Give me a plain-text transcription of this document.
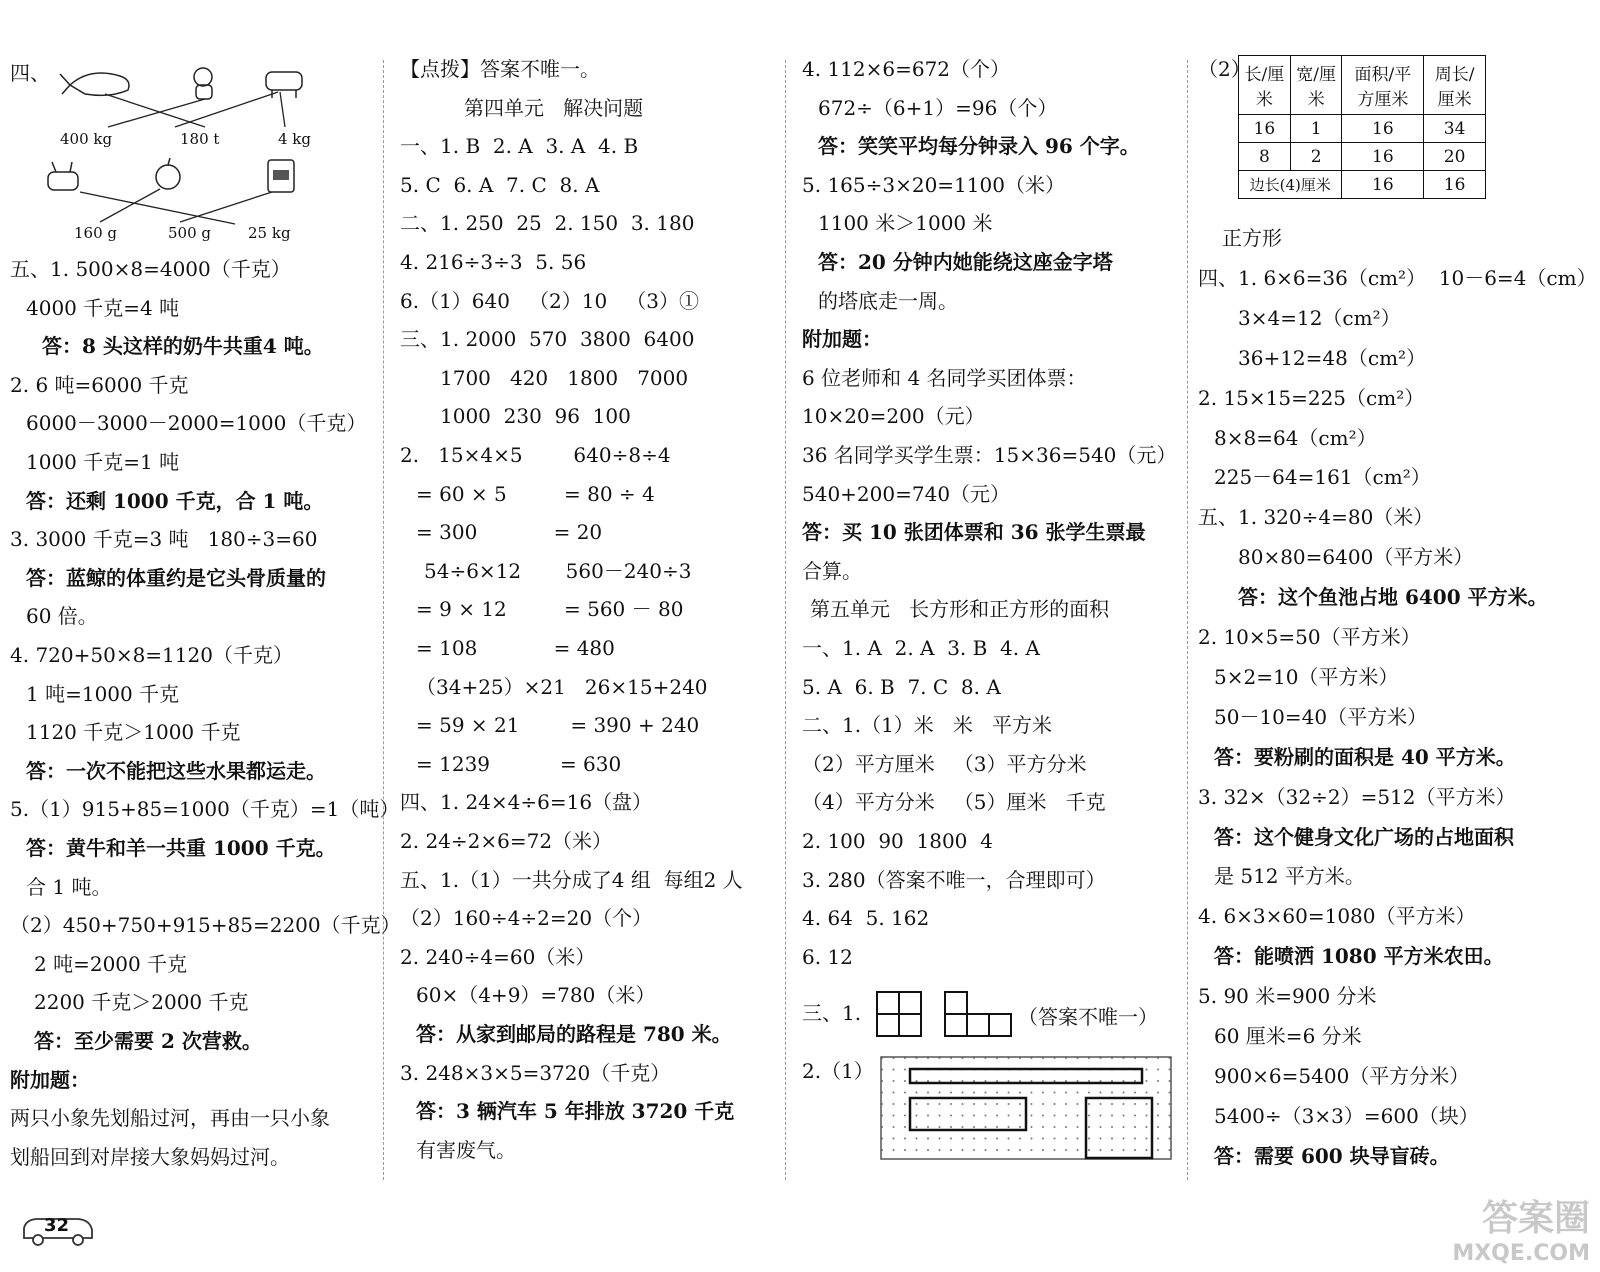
四、
400 kg	180 t	4 kg
160 g	500 g 25 kg
五、1. 500×8=4000（千克）
4000 千克=4 吨
答：8 头这样的奶牛共重4 吨。
2. 6 吨=6000 千克
6000－3000－2000=1000（千克）
1000 千克=1 吨
答：还剩 1000 千克，合 1 吨。
3. 3000 千克=3 吨   180÷3=60
答：蓝鲸的体重约是它头骨质量的
60 倍。
4. 720+50×8=1120（千克）
1 吨=1000 千克
1120 千克＞1000 千克
答：一次不能把这些水果都运走。
5.（1）915+85=1000（千克）=1（吨）
答：黄牛和羊一共重 1000 千克。
合 1 吨。
（2）450+750+915+85=2200（千克）
2 吨=2000 千克
2200 千克＞2000 千克
答：至少需要 2 次营救。
附加题：
两只小象先划船过河，再由一只小象
划船回到对岸接大象妈妈过河。
【点拨】答案不唯一。
第四单元   解决问题
一、1. B  2. A  3. A  4. B
5. C  6. A  7. C  8. A
二、1. 250  25  2. 150  3. 180
4. 216÷3÷3  5. 56
6.（1）640   （2）10   （3）①
三、1. 2000  570  3800  6400
1700   420   1800   7000
1000  230  96  100
2.   15×4×5        640÷8÷4
= 60 × 5         = 80 ÷ 4
= 300            = 20
54÷6×12       560－240÷3
= 9 × 12         = 560 － 80
= 108            = 480
（34+25）×21   26×15+240
= 59 × 21        = 390 + 240
= 1239           = 630
四、1. 24×4÷6=16（盘）
2. 24÷2×6=72（米）
五、1.（1）一共分成了4 组  每组2 人
（2）160÷4÷2=20（个）
2. 240÷4=60（米）
60×（4+9）=780（米）
答：从家到邮局的路程是 780 米。
3. 248×3×5=3720（千克）
答：3 辆汽车 5 年排放 3720 千克
有害废气。
4. 112×6=672（个）
672÷（6+1）=96（个）
答：笑笑平均每分钟录入 96 个字。
5. 165÷3×20=1100（米）
1100 米＞1000 米
答：20 分钟内她能绕这座金字塔
的塔底走一周。
附加题：
6 位老师和 4 名同学买团体票：
10×20=200（元）
36 名同学买学生票：15×36=540（元）
540+200=740（元）
答：买 10 张团体票和 36 张学生票最
合算。
第五单元   长方形和正方形的面积
一、1. A  2. A  3. B  4. A
5. A  6. B  7. C  8. A
二、1.（1）米   米   平方米
（2）平方厘米   （3）平方分米
（4）平方分米   （5）厘米   千克
2. 100  90  1800  4
3. 280（答案不唯一，合理即可）
4. 64  5. 162
6. 12
三、1.	（答案不唯一）
2.（1）
（2）
长/厘米	宽/厘米	面积/平方厘米	周长/厘米
16	1	16	34
8	2	16	20
边长(4)厘米		16	16
正方形
四、1. 6×6=36（cm²）  10－6=4（cm）
3×4=12（cm²）
36+12=48（cm²）
2. 15×15=225（cm²）
8×8=64（cm²）
225－64=161（cm²）
五、1. 320÷4=80（米）
80×80=6400（平方米）
答：这个鱼池占地 6400 平方米。
2. 10×5=50（平方米）
5×2=10（平方米）
50－10=40（平方米）
答：要粉刷的面积是 40 平方米。
3. 32×（32÷2）=512（平方米）
答：这个健身文化广场的占地面积
是 512 平方米。
4. 6×3×60=1080（平方米）
答：能喷洒 1080 平方米农田。
5. 90 米=900 分米
60 厘米=6 分米
900×6=5400（平方分米）
5400÷（3×3）=600（块）
答：需要 600 块导盲砖。
32	答案圈
MXQE.COM
